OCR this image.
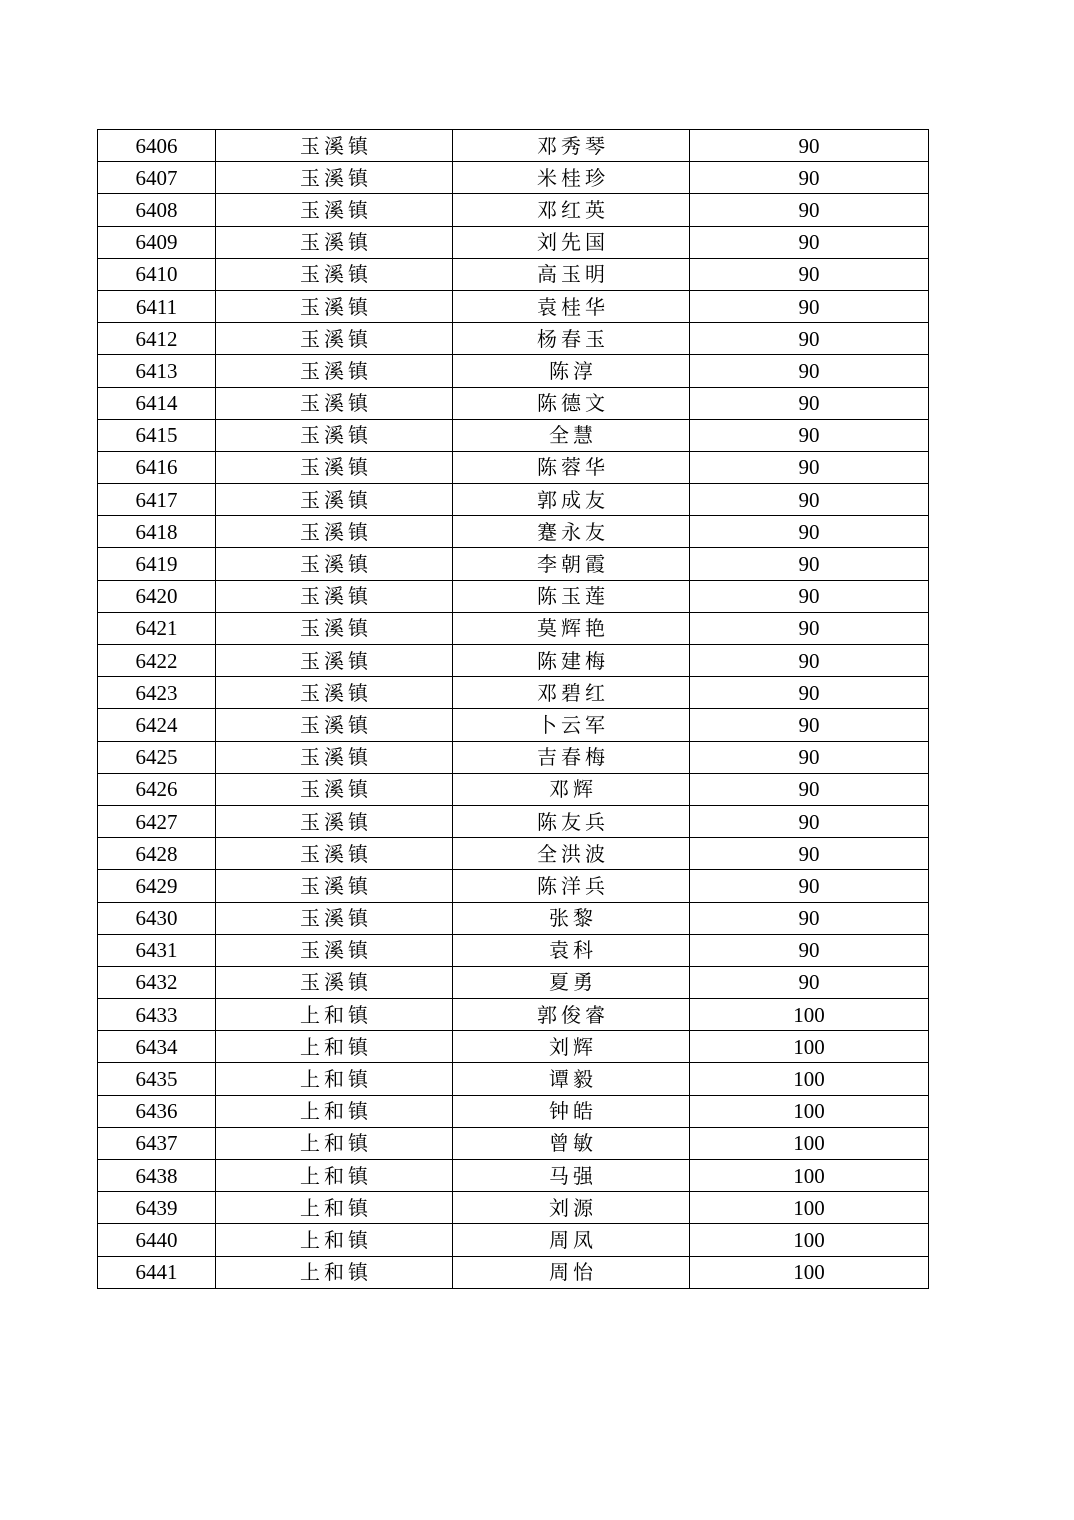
6406	玉溪镇	邓秀琴	90
6407	玉溪镇	米桂珍	90
6408	玉溪镇	邓红英	90
6409	玉溪镇	刘先国	90
6410	玉溪镇	高玉明	90
6411	玉溪镇	袁桂华	90
6412	玉溪镇	杨春玉	90
6413	玉溪镇	陈淳	90
6414	玉溪镇	陈德文	90
6415	玉溪镇	全慧	90
6416	玉溪镇	陈蓉华	90
6417	玉溪镇	郭成友	90
6418	玉溪镇	蹇永友	90
6419	玉溪镇	李朝霞	90
6420	玉溪镇	陈玉莲	90
6421	玉溪镇	莫辉艳	90
6422	玉溪镇	陈建梅	90
6423	玉溪镇	邓碧红	90
6424	玉溪镇	卜云军	90
6425	玉溪镇	吉春梅	90
6426	玉溪镇	邓辉	90
6427	玉溪镇	陈友兵	90
6428	玉溪镇	全洪波	90
6429	玉溪镇	陈洋兵	90
6430	玉溪镇	张黎	90
6431	玉溪镇	袁科	90
6432	玉溪镇	夏勇	90
6433	上和镇	郭俊睿	100
6434	上和镇	刘辉	100
6435	上和镇	谭毅	100
6436	上和镇	钟皓	100
6437	上和镇	曾敏	100
6438	上和镇	马强	100
6439	上和镇	刘源	100
6440	上和镇	周凤	100
6441	上和镇	周怡	100
